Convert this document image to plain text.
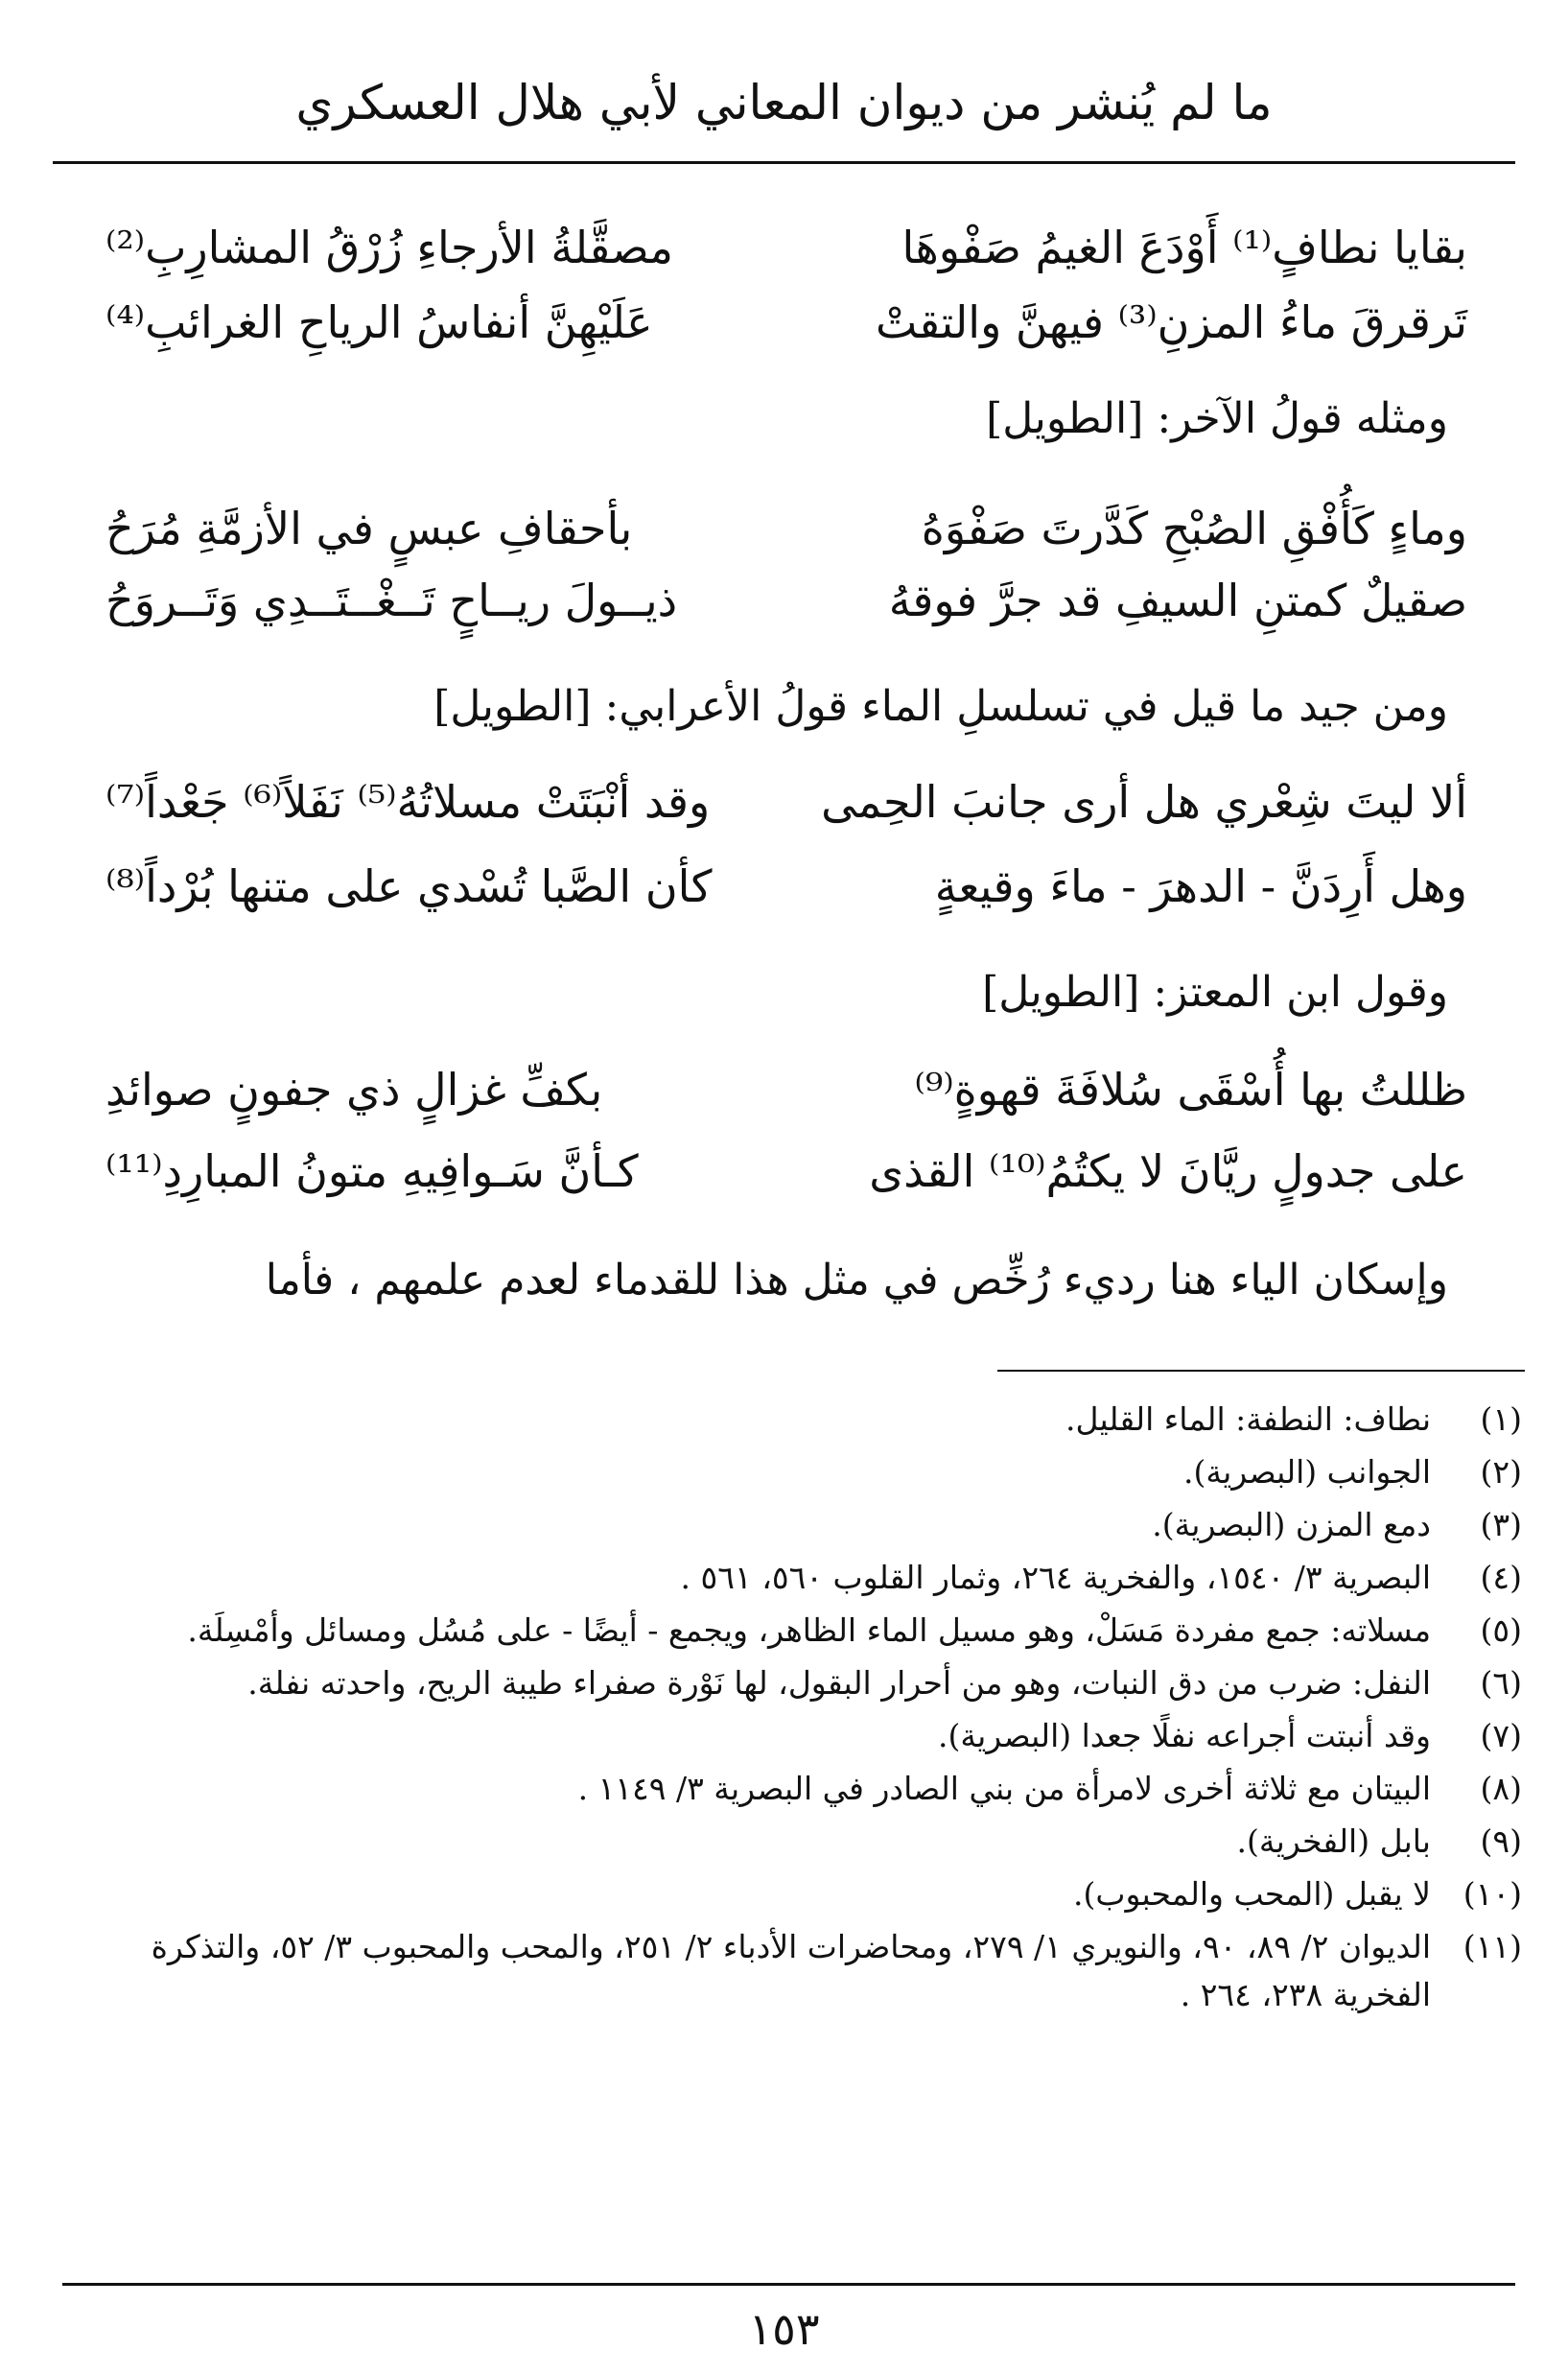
ما لم يُنشر من ديوان المعاني لأبي هلال العسكري
بقايا نطافٍ⁽¹⁾ أَوْدَعَ الغيمُ صَفْوهَا
مصقَّلةُ الأرجاءِ زُرْقُ المشارِبِ⁽²⁾
تَرقرقَ ماءُ المزنِ⁽³⁾ فيهنَّ والتقتْ
عَلَيْهِنَّ أنفاسُ الرياحِ الغرائبِ⁽⁴⁾
ومثله قولُ الآخر: [الطويل]
وماءٍ كَأُفْقِ الصُبْحِ كَدَّرتَ صَفْوَهُ
بأحقافِ عبسٍ في الأزمَّةِ مُرَحُ
صقيلٌ كمتنِ السيفِ قد جرَّ فوقهُ
ذيــولَ ريــاحٍ تَــغْــتَــدِي وَتَــروَحُ
ومن جيد ما قيل في تسلسلِ الماء قولُ الأعرابي: [الطويل]
ألا ليتَ شِعْري هل أرى جانبَ الحِمى
وقد أنْبَتَتْ مسلاتُهُ⁽⁵⁾ نَفَلاً⁽⁶⁾ جَعْداً⁽⁷⁾
وهل أَرِدَنَّ - الدهرَ - ماءَ وقيعةٍ
كأن الصَّبا تُسْدي على متنها بُرْداً⁽⁸⁾
وقول ابن المعتز: [الطويل]
ظللتُ بها أُسْقَى سُلافَةَ قهوةٍ⁽⁹⁾
بكفِّ غزالٍ ذي جفونٍ صوائدِ
على جدولٍ ريَّانَ لا يكتُمُ⁽¹⁰⁾ القذى
كـأنَّ سَـوافِيهِ متونُ المبارِدِ⁽¹¹⁾
وإسكان الياء هنا رديء رُخِّص في مثل هذا للقدماء لعدم علمهم ، فأما
(١)
نطاف: النطفة: الماء القليل.
(٢)
الجوانب (البصرية).
(٣)
دمع المزن (البصرية).
(٤)
البصرية ٣/ ١٥٤٠، والفخرية ٢٦٤، وثمار القلوب ٥٦٠، ٥٦١ .
(٥)
مسلاته: جمع مفردة مَسَلْ، وهو مسيل الماء الظاهر، ويجمع - أيضًا - على مُسُل ومسائل وأمْسِلَة.
(٦)
النفل: ضرب من دق النبات، وهو من أحرار البقول، لها نَوْرة صفراء طيبة الريح، واحدته نفلة.
(٧)
وقد أنبتت أجراعه نفلًا جعدا (البصرية).
(٨)
البيتان مع ثلاثة أخرى لامرأة من بني الصادر في البصرية ٣/ ١١٤٩ .
(٩)
بابل (الفخرية).
(١٠)
لا يقبل (المحب والمحبوب).
(١١)
الديوان ٢/ ٨٩، ٩٠، والنويري ١/ ٢٧٩، ومحاضرات الأدباء ٢/ ٢٥١، والمحب والمحبوب ٣/ ٥٢، والتذكرة الفخرية ٢٣٨، ٢٦٤ .
١٥٣
